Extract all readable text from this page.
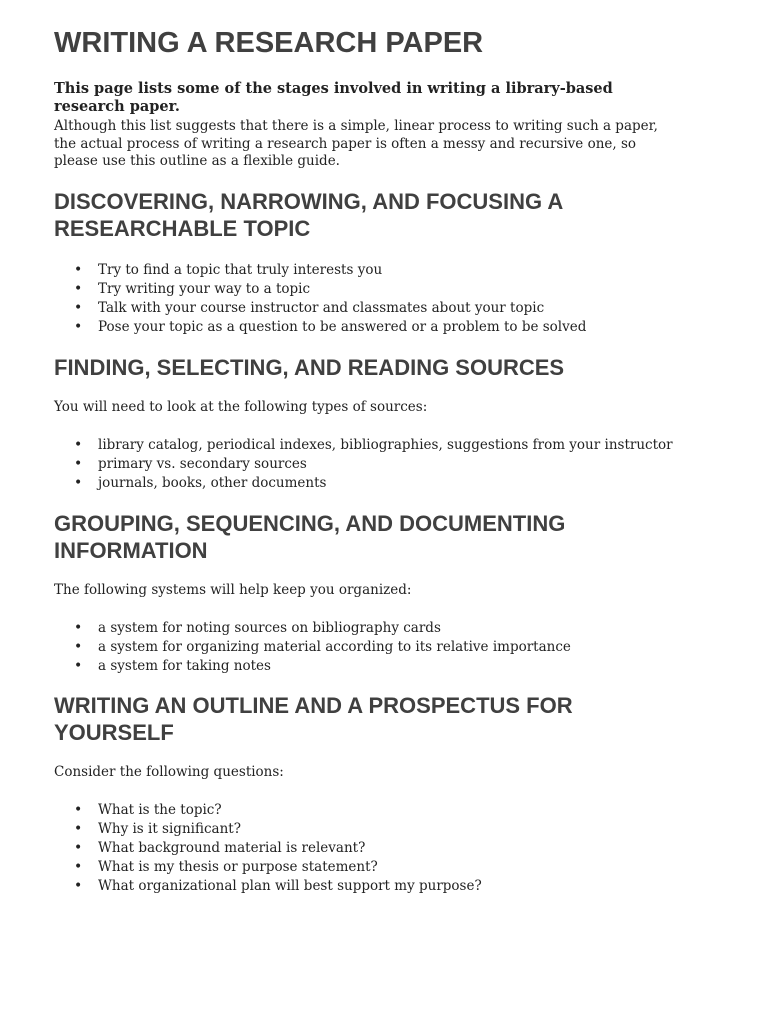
WRITING A RESEARCH PAPER

This page lists some of the stages involved in writing a library-based research paper.

Although this list suggests that there is a simple, linear process to writing such a paper, the actual process of writing a research paper is often a messy and recursive one, so please use this outline as a flexible guide.

DISCOVERING, NARROWING, AND FOCUSING A RESEARCHABLE TOPIC
• Try to find a topic that truly interests you
• Try writing your way to a topic
• Talk with your course instructor and classmates about your topic
• Pose your topic as a question to be answered or a problem to be solved
FINDING, SELECTING, AND READING SOURCES

You will need to look at the following types of sources:

• library catalog, periodical indexes, bibliographies, suggestions from your instructor
• primary vs. secondary sources
• journals, books, other documents
GROUPING, SEQUENCING, AND DOCUMENTING INFORMATION

The following systems will help keep you organized:

• a system for noting sources on bibliography cards
• a system for organizing material according to its relative importance
• a system for taking notes
WRITING AN OUTLINE AND A PROSPECTUS FOR YOURSELF

Consider the following questions:

• What is the topic?
• Why is it significant?
• What background material is relevant?
• What is my thesis or purpose statement?
• What organizational plan will best support my purpose?
